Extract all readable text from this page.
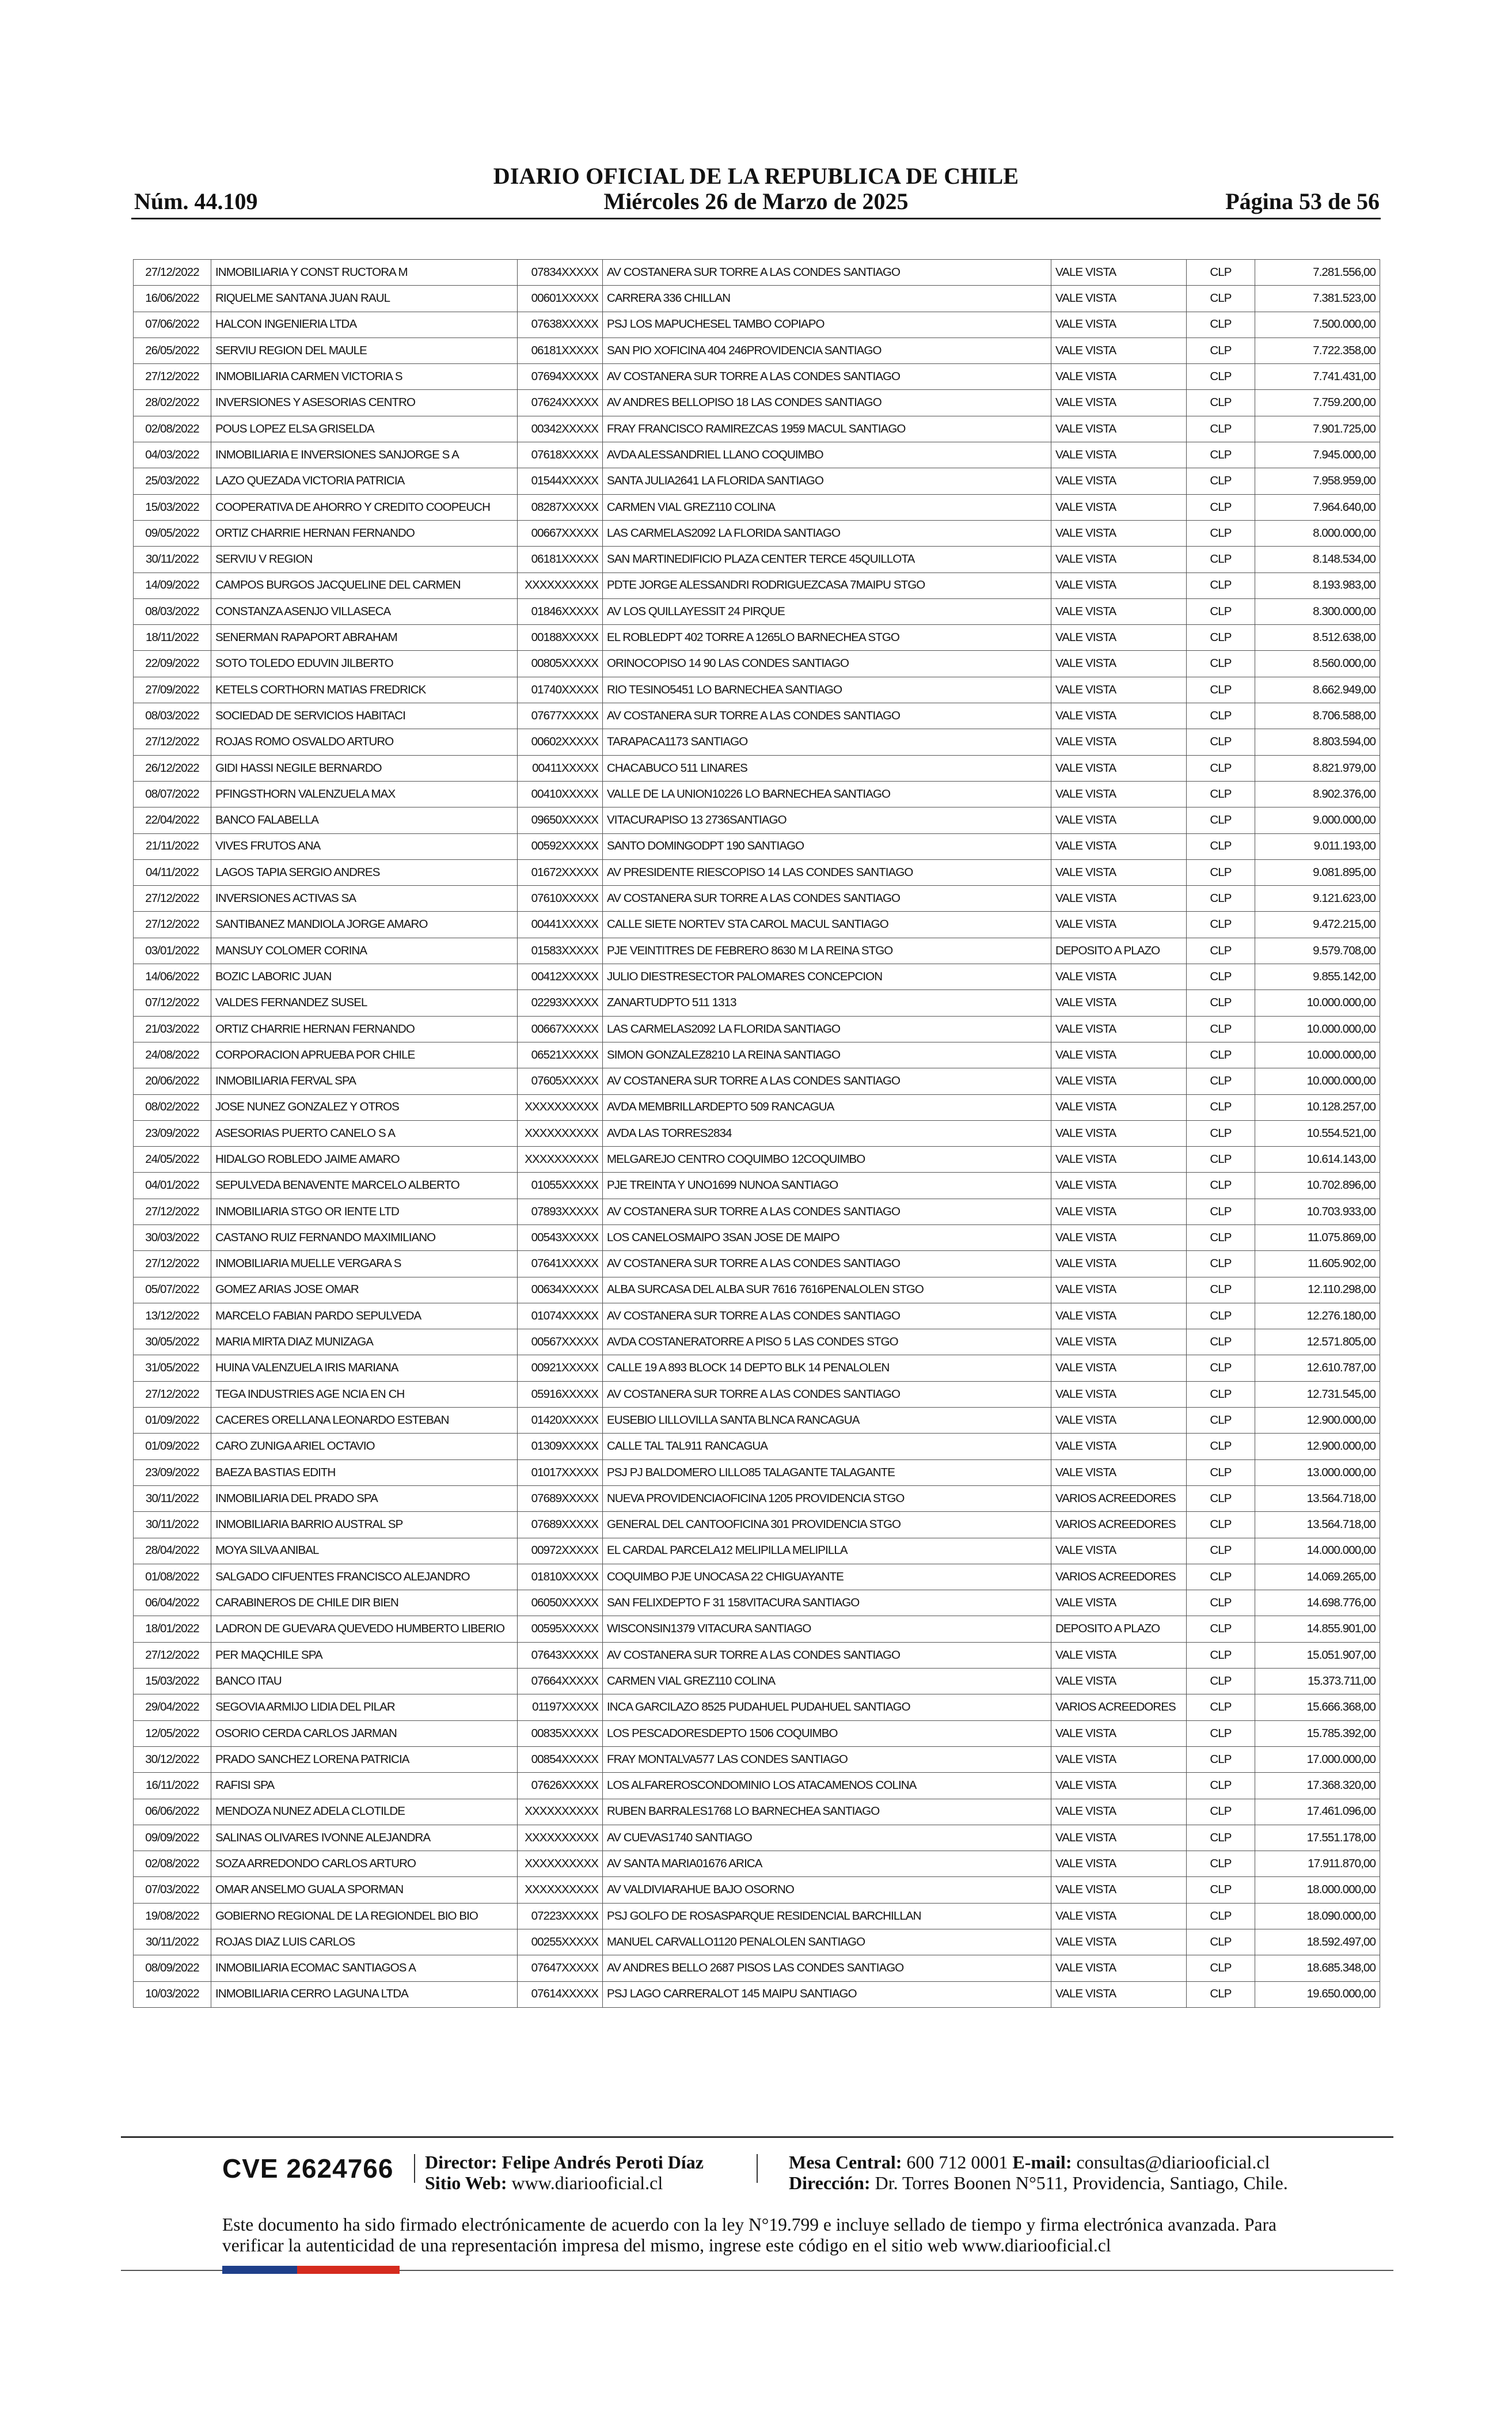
DIARIO OFICIAL DE LA REPUBLICA DE CHILE
Núm. 44.109	Miércoles 26 de Marzo de 2025	Página 53 de 56
27/12/2022	INMOBILIARIA Y CONST RUCTORA M	07834XXXXX	AV COSTANERA SUR TORRE A LAS CONDES SANTIAGO	VALE VISTA	CLP	7.281.556,00
16/06/2022	RIQUELME SANTANA JUAN RAUL	00601XXXXX	CARRERA 336 CHILLAN	VALE VISTA	CLP	7.381.523,00
07/06/2022	HALCON INGENIERIA LTDA	07638XXXXX	PSJ LOS MAPUCHESEL TAMBO COPIAPO	VALE VISTA	CLP	7.500.000,00
26/05/2022	SERVIU REGION DEL MAULE	06181XXXXX	SAN PIO XOFICINA 404 246PROVIDENCIA SANTIAGO	VALE VISTA	CLP	7.722.358,00
27/12/2022	INMOBILIARIA CARMEN VICTORIA S	07694XXXXX	AV COSTANERA SUR TORRE A LAS CONDES SANTIAGO	VALE VISTA	CLP	7.741.431,00
28/02/2022	INVERSIONES Y ASESORIAS CENTRO	07624XXXXX	AV ANDRES BELLOPISO 18 LAS CONDES SANTIAGO	VALE VISTA	CLP	7.759.200,00
02/08/2022	POUS LOPEZ ELSA GRISELDA	00342XXXXX	FRAY FRANCISCO RAMIREZCAS 1959 MACUL SANTIAGO	VALE VISTA	CLP	7.901.725,00
04/03/2022	INMOBILIARIA E INVERSIONES SANJORGE S A	07618XXXXX	AVDA ALESSANDRIEL LLANO COQUIMBO	VALE VISTA	CLP	7.945.000,00
25/03/2022	LAZO QUEZADA VICTORIA PATRICIA	01544XXXXX	SANTA JULIA2641 LA FLORIDA SANTIAGO	VALE VISTA	CLP	7.958.959,00
15/03/2022	COOPERATIVA DE AHORRO Y CREDITO COOPEUCH	08287XXXXX	CARMEN VIAL GREZ110 COLINA	VALE VISTA	CLP	7.964.640,00
09/05/2022	ORTIZ CHARRIE HERNAN FERNANDO	00667XXXXX	LAS CARMELAS2092 LA FLORIDA SANTIAGO	VALE VISTA	CLP	8.000.000,00
30/11/2022	SERVIU V REGION	06181XXXXX	SAN MARTINEDIFICIO PLAZA CENTER TERCE 45QUILLOTA	VALE VISTA	CLP	8.148.534,00
14/09/2022	CAMPOS BURGOS JACQUELINE DEL CARMEN	XXXXXXXXXX	PDTE JORGE ALESSANDRI RODRIGUEZCASA 7MAIPU STGO	VALE VISTA	CLP	8.193.983,00
08/03/2022	CONSTANZA ASENJO VILLASECA	01846XXXXX	AV LOS QUILLAYESSIT 24 PIRQUE	VALE VISTA	CLP	8.300.000,00
18/11/2022	SENERMAN RAPAPORT ABRAHAM	00188XXXXX	EL ROBLEDPT 402 TORRE A 1265LO BARNECHEA STGO	VALE VISTA	CLP	8.512.638,00
22/09/2022	SOTO TOLEDO EDUVIN JILBERTO	00805XXXXX	ORINOCOPISO 14 90 LAS CONDES SANTIAGO	VALE VISTA	CLP	8.560.000,00
27/09/2022	KETELS CORTHORN MATIAS FREDRICK	01740XXXXX	RIO TESINO5451 LO BARNECHEA SANTIAGO	VALE VISTA	CLP	8.662.949,00
08/03/2022	SOCIEDAD DE SERVICIOS HABITACI	07677XXXXX	AV COSTANERA SUR TORRE A LAS CONDES SANTIAGO	VALE VISTA	CLP	8.706.588,00
27/12/2022	ROJAS ROMO OSVALDO ARTURO	00602XXXXX	TARAPACA1173 SANTIAGO	VALE VISTA	CLP	8.803.594,00
26/12/2022	GIDI HASSI NEGILE BERNARDO	00411XXXXX	CHACABUCO 511 LINARES	VALE VISTA	CLP	8.821.979,00
08/07/2022	PFINGSTHORN VALENZUELA MAX	00410XXXXX	VALLE DE LA UNION10226 LO BARNECHEA SANTIAGO	VALE VISTA	CLP	8.902.376,00
22/04/2022	BANCO FALABELLA	09650XXXXX	VITACURAPISO 13 2736SANTIAGO	VALE VISTA	CLP	9.000.000,00
21/11/2022	VIVES FRUTOS ANA	00592XXXXX	SANTO DOMINGODPT 190 SANTIAGO	VALE VISTA	CLP	9.011.193,00
04/11/2022	LAGOS TAPIA SERGIO ANDRES	01672XXXXX	AV PRESIDENTE RIESCOPISO 14 LAS CONDES SANTIAGO	VALE VISTA	CLP	9.081.895,00
27/12/2022	INVERSIONES ACTIVAS SA	07610XXXXX	AV COSTANERA SUR TORRE A LAS CONDES SANTIAGO	VALE VISTA	CLP	9.121.623,00
27/12/2022	SANTIBANEZ MANDIOLA JORGE AMARO	00441XXXXX	CALLE SIETE NORTEV STA CAROL MACUL SANTIAGO	VALE VISTA	CLP	9.472.215,00
03/01/2022	MANSUY COLOMER CORINA	01583XXXXX	PJE VEINTITRES DE FEBRERO 8630 M LA REINA STGO	DEPOSITO A PLAZO	CLP	9.579.708,00
14/06/2022	BOZIC LABORIC JUAN	00412XXXXX	JULIO DIESTRESECTOR PALOMARES CONCEPCION	VALE VISTA	CLP	9.855.142,00
07/12/2022	VALDES FERNANDEZ SUSEL	02293XXXXX	ZANARTUDPTO 511 1313	VALE VISTA	CLP	10.000.000,00
21/03/2022	ORTIZ CHARRIE HERNAN FERNANDO	00667XXXXX	LAS CARMELAS2092 LA FLORIDA SANTIAGO	VALE VISTA	CLP	10.000.000,00
24/08/2022	CORPORACION APRUEBA POR CHILE	06521XXXXX	SIMON GONZALEZ8210 LA REINA SANTIAGO	VALE VISTA	CLP	10.000.000,00
20/06/2022	INMOBILIARIA FERVAL SPA	07605XXXXX	AV COSTANERA SUR TORRE A LAS CONDES SANTIAGO	VALE VISTA	CLP	10.000.000,00
08/02/2022	JOSE NUNEZ GONZALEZ Y OTROS	XXXXXXXXXX	AVDA MEMBRILLARDEPTO 509 RANCAGUA	VALE VISTA	CLP	10.128.257,00
23/09/2022	ASESORIAS PUERTO CANELO S A	XXXXXXXXXX	AVDA LAS TORRES2834	VALE VISTA	CLP	10.554.521,00
24/05/2022	HIDALGO ROBLEDO JAIME AMARO	XXXXXXXXXX	MELGAREJO CENTRO COQUIMBO 12COQUIMBO	VALE VISTA	CLP	10.614.143,00
04/01/2022	SEPULVEDA BENAVENTE MARCELO ALBERTO	01055XXXXX	PJE TREINTA Y UNO1699 NUNOA SANTIAGO	VALE VISTA	CLP	10.702.896,00
27/12/2022	INMOBILIARIA STGO OR IENTE LTD	07893XXXXX	AV COSTANERA SUR TORRE A LAS CONDES SANTIAGO	VALE VISTA	CLP	10.703.933,00
30/03/2022	CASTANO RUIZ FERNANDO MAXIMILIANO	00543XXXXX	LOS CANELOSMAIPO 3SAN JOSE DE MAIPO	VALE VISTA	CLP	11.075.869,00
27/12/2022	INMOBILIARIA MUELLE VERGARA S	07641XXXXX	AV COSTANERA SUR TORRE A LAS CONDES SANTIAGO	VALE VISTA	CLP	11.605.902,00
05/07/2022	GOMEZ ARIAS JOSE OMAR	00634XXXXX	ALBA SURCASA DEL ALBA SUR 7616 7616PENALOLEN STGO	VALE VISTA	CLP	12.110.298,00
13/12/2022	MARCELO FABIAN PARDO SEPULVEDA	01074XXXXX	AV COSTANERA SUR TORRE A LAS CONDES SANTIAGO	VALE VISTA	CLP	12.276.180,00
30/05/2022	MARIA MIRTA DIAZ MUNIZAGA	00567XXXXX	AVDA COSTANERATORRE A PISO 5 LAS CONDES STGO	VALE VISTA	CLP	12.571.805,00
31/05/2022	HUINA VALENZUELA IRIS MARIANA	00921XXXXX	CALLE 19 A 893 BLOCK 14 DEPTO BLK 14 PENALOLEN	VALE VISTA	CLP	12.610.787,00
27/12/2022	TEGA INDUSTRIES AGE NCIA EN CH	05916XXXXX	AV COSTANERA SUR TORRE A LAS CONDES SANTIAGO	VALE VISTA	CLP	12.731.545,00
01/09/2022	CACERES ORELLANA LEONARDO ESTEBAN	01420XXXXX	EUSEBIO LILLOVILLA SANTA BLNCA RANCAGUA	VALE VISTA	CLP	12.900.000,00
01/09/2022	CARO ZUNIGA ARIEL OCTAVIO	01309XXXXX	CALLE TAL TAL911 RANCAGUA	VALE VISTA	CLP	12.900.000,00
23/09/2022	BAEZA BASTIAS EDITH	01017XXXXX	PSJ PJ BALDOMERO LILLO85 TALAGANTE TALAGANTE	VALE VISTA	CLP	13.000.000,00
30/11/2022	INMOBILIARIA DEL PRADO SPA	07689XXXXX	NUEVA PROVIDENCIAOFICINA 1205 PROVIDENCIA STGO	VARIOS ACREEDORES	CLP	13.564.718,00
30/11/2022	INMOBILIARIA BARRIO AUSTRAL SP	07689XXXXX	GENERAL DEL CANTOOFICINA 301 PROVIDENCIA STGO	VARIOS ACREEDORES	CLP	13.564.718,00
28/04/2022	MOYA SILVA ANIBAL	00972XXXXX	EL CARDAL PARCELA12 MELIPILLA MELIPILLA	VALE VISTA	CLP	14.000.000,00
01/08/2022	SALGADO CIFUENTES FRANCISCO ALEJANDRO	01810XXXXX	COQUIMBO PJE UNOCASA 22 CHIGUAYANTE	VARIOS ACREEDORES	CLP	14.069.265,00
06/04/2022	CARABINEROS DE CHILE DIR BIEN	06050XXXXX	SAN FELIXDEPTO F 31 158VITACURA SANTIAGO	VALE VISTA	CLP	14.698.776,00
18/01/2022	LADRON DE GUEVARA QUEVEDO HUMBERTO LIBERIO	00595XXXXX	WISCONSIN1379 VITACURA SANTIAGO	DEPOSITO A PLAZO	CLP	14.855.901,00
27/12/2022	PER MAQCHILE SPA	07643XXXXX	AV COSTANERA SUR TORRE A LAS CONDES SANTIAGO	VALE VISTA	CLP	15.051.907,00
15/03/2022	BANCO ITAU	07664XXXXX	CARMEN VIAL GREZ110 COLINA	VALE VISTA	CLP	15.373.711,00
29/04/2022	SEGOVIA ARMIJO LIDIA DEL PILAR	01197XXXXX	INCA GARCILAZO 8525 PUDAHUEL PUDAHUEL SANTIAGO	VARIOS ACREEDORES	CLP	15.666.368,00
12/05/2022	OSORIO CERDA CARLOS JARMAN	00835XXXXX	LOS PESCADORESDEPTO 1506 COQUIMBO	VALE VISTA	CLP	15.785.392,00
30/12/2022	PRADO SANCHEZ LORENA PATRICIA	00854XXXXX	FRAY MONTALVA577 LAS CONDES SANTIAGO	VALE VISTA	CLP	17.000.000,00
16/11/2022	RAFISI SPA	07626XXXXX	LOS ALFAREROSCONDOMINIO LOS ATACAMENOS COLINA	VALE VISTA	CLP	17.368.320,00
06/06/2022	MENDOZA NUNEZ ADELA CLOTILDE	XXXXXXXXXX	RUBEN BARRALES1768 LO BARNECHEA SANTIAGO	VALE VISTA	CLP	17.461.096,00
09/09/2022	SALINAS OLIVARES IVONNE ALEJANDRA	XXXXXXXXXX	AV CUEVAS1740 SANTIAGO	VALE VISTA	CLP	17.551.178,00
02/08/2022	SOZA ARREDONDO CARLOS ARTURO	XXXXXXXXXX	AV SANTA MARIA01676 ARICA	VALE VISTA	CLP	17.911.870,00
07/03/2022	OMAR ANSELMO GUALA SPORMAN	XXXXXXXXXX	AV VALDIVIARAHUE BAJO OSORNO	VALE VISTA	CLP	18.000.000,00
19/08/2022	GOBIERNO REGIONAL DE LA REGIONDEL BIO BIO	07223XXXXX	PSJ GOLFO DE ROSASPARQUE RESIDENCIAL BARCHILLAN	VALE VISTA	CLP	18.090.000,00
30/11/2022	ROJAS DIAZ LUIS CARLOS	00255XXXXX	MANUEL CARVALLO1120 PENALOLEN SANTIAGO	VALE VISTA	CLP	18.592.497,00
08/09/2022	INMOBILIARIA ECOMAC SANTIAGOS A	07647XXXXX	AV ANDRES BELLO 2687 PISOS LAS CONDES SANTIAGO	VALE VISTA	CLP	18.685.348,00
10/03/2022	INMOBILIARIA CERRO LAGUNA LTDA	07614XXXXX	PSJ LAGO CARRERALOT 145 MAIPU SANTIAGO	VALE VISTA	CLP	19.650.000,00
CVE 2624766 Director: Felipe Andrés Peroti Díaz
Sitio Web: www.diariooficial.cl
Mesa Central: 600 712 0001 E-mail: consultas@diariooficial.cl
Dirección: Dr. Torres Boonen N°511, Providencia, Santiago, Chile.
Este documento ha sido firmado electrónicamente de acuerdo con la ley N°19.799 e incluye sellado de tiempo y firma electrónica avanzada. Para verificar la autenticidad de una representación impresa del mismo, ingrese este código en el sitio web www.diariooficial.cl
